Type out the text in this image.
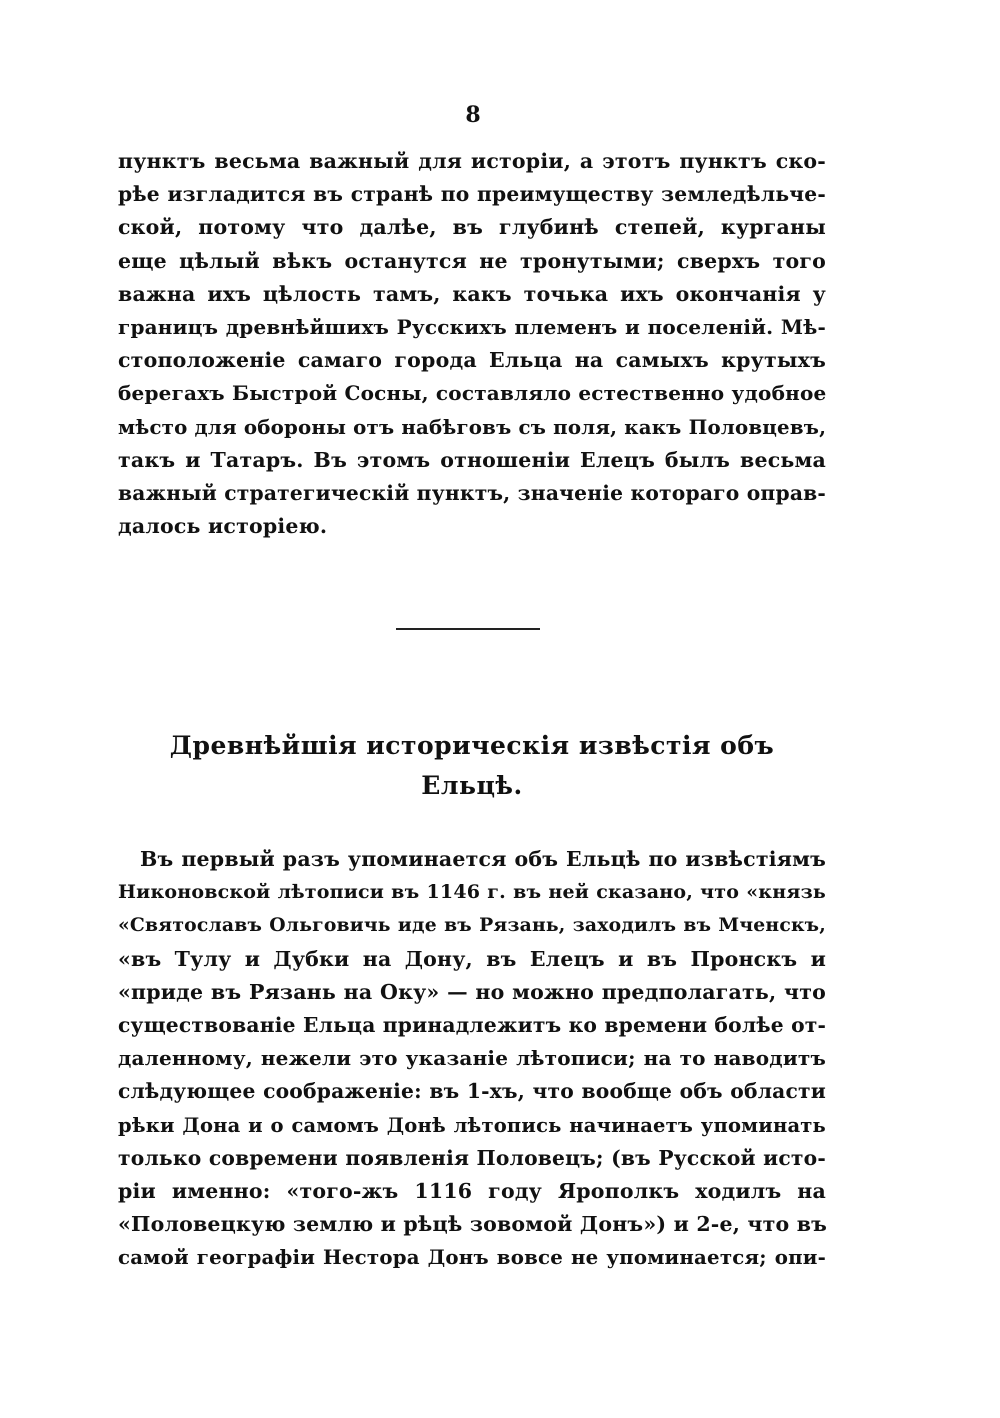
8
пунктъ весьма важный для исторіи, а этотъ пунктъ ско-
рѣе изгладится въ странѣ по преимуществу земледѣльче-
ской, потому что далѣе, въ глубинѣ степей, курганы
еще цѣлый вѣкъ останутся не тронутыми; сверхъ того
важна ихъ цѣлость тамъ, какъ точька ихъ окончанія у
границъ древнѣйшихъ Русскихъ племенъ и поселеній. Мѣ-
стоположеніе самаго города Ельца на самыхъ крутыхъ
берегахъ Быстрой Сосны, составляло естественно удобное
мѣсто для обороны отъ набѣговъ съ поля, какъ Половцевъ,
такъ и Татаръ. Въ этомъ отношеніи Елецъ былъ весьма
важный стратегическій пунктъ, значеніе котораго оправ-
далось исторіею.
Древнѣйшія историческія извѣстія объ
Ельцѣ.
Въ первый разъ упоминается объ Ельцѣ по извѣстіямъ
Никоновской лѣтописи въ 1146 г. въ ней сказано, что «князь
«Святославъ Ольговичь иде въ Рязань, заходилъ въ Мченскъ,
«въ Тулу и Дубки на Дону, въ Елецъ и въ Пронскъ и
«приде въ Рязань на Оку» — но можно предполагать, что
существованіе Ельца принадлежитъ ко времени болѣе от-
даленному, нежели это указаніе лѣтописи; на то наводитъ
слѣдующее соображеніе: въ 1-хъ, что вообще объ области
рѣки Дона и о самомъ Донѣ лѣтопись начинаетъ упоминать
только современи появленія Половецъ; (въ Русской исто-
ріи именно: «того-жъ 1116 году Ярополкъ ходилъ на
«Половецкую землю и рѣцѣ зовомой Донъ») и 2-е, что въ
самой географіи Нестора Донъ вовсе не упоминается; опи-
